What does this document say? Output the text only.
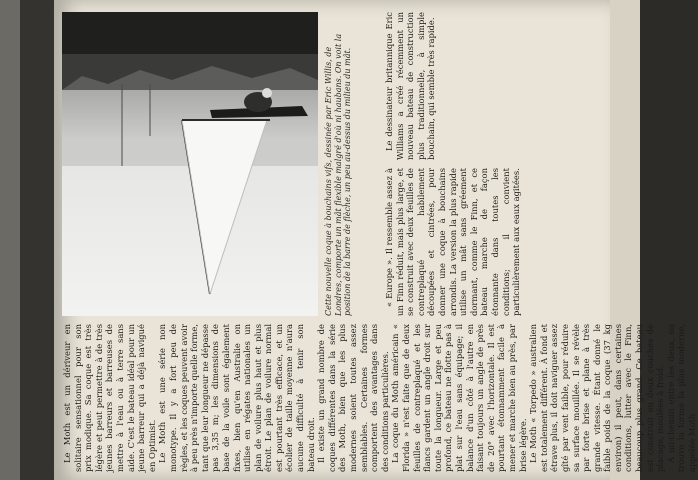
Le Moth est un dériveur en solitaire sensationnel pour son prix modique. Sa coque est très légère et peut permettre à de très jeunes barreurs et barreuses de mettre à l'eau ou à terre sans aide. C'est le bateau idéal pour un jeune barreur qui a déjà navigué en Optimist. Le Moth est une série non monotype. Il y a fort peu de règles, et les coques peuvent avoir à peu près n'importe quelle forme, tant que leur longueur ne dépasse pas 3,35 m; les dimensions de base de la voile sont également fixes, bien qu'en Australie on utilise en régates nationales un plan de voilure plus haut et plus étroit. Le plan de voilure normal est pourtant très efficace, et un écolier de taille moyenne n'aura aucune difficulté à tenir son bateau droit. Il existe un grand nombre de coques différentes dans la série des Moth, bien que les plus modernes soient toutes assez semblables. Certaines formes comportent des avantages dans des conditions particulières. La coque du Moth américain « Florida » n'est faite que de deux feuilles de contreplaqué et les flancs gardent un angle droit sur toute la longueur. Large et peu profond, ce bateau ne flotte pas à plat sur l'eau sans équipage; il balance d'un côté à l'autre en faisant toujours un angle de près de 20° avec l'horizontale. Il est pourtant étonnamment facile à mener et marche bien au près, par brise légère. Le Moth « Torpedo » australien est totalement différent. À fond et étrave plus, il doit naviguer assez gîté par vent faible, pour réduire sa surface mouillée. Il se révèle par forte brise et plane à très grande vitesse. Étant donné le faible poids de la coque (37 kg environ) il peut, dans certaines conditions, lutter avec le Finn, beaucoup plus grand. Ce bateau est construit en deux couches de placage, moulées à froid. A mi-chemin entre les deux, on trouve la forme la plus moderne, appelée Moth

Cette nouvelle coque à bouchains vifs, dessinée par Eric Willis, de Londres, comporte un mât flexible malgré d'où ni haubans. On voit la position de la barre de flèche, un peu au-dessus du milieu du mât.	« Europe ». Il ressemble assez à un Finn réduit, mais plus large, et se construit avec deux feuilles de contreplaqué habilement découpées et cintrées, pour donner une coque à bouchains arrondis. La version la plus rapide utilise un mât sans gréement dormant, comme le Finn, et ce bateau marche de façon étonnante dans toutes les conditions; il convient particulièrement aux eaux agitées.

Le dessinateur britannique Eric Williams a créé récemment un nouveau bateau de construction plus traditionnelle, à simple bouchain, qui semble très rapide.
